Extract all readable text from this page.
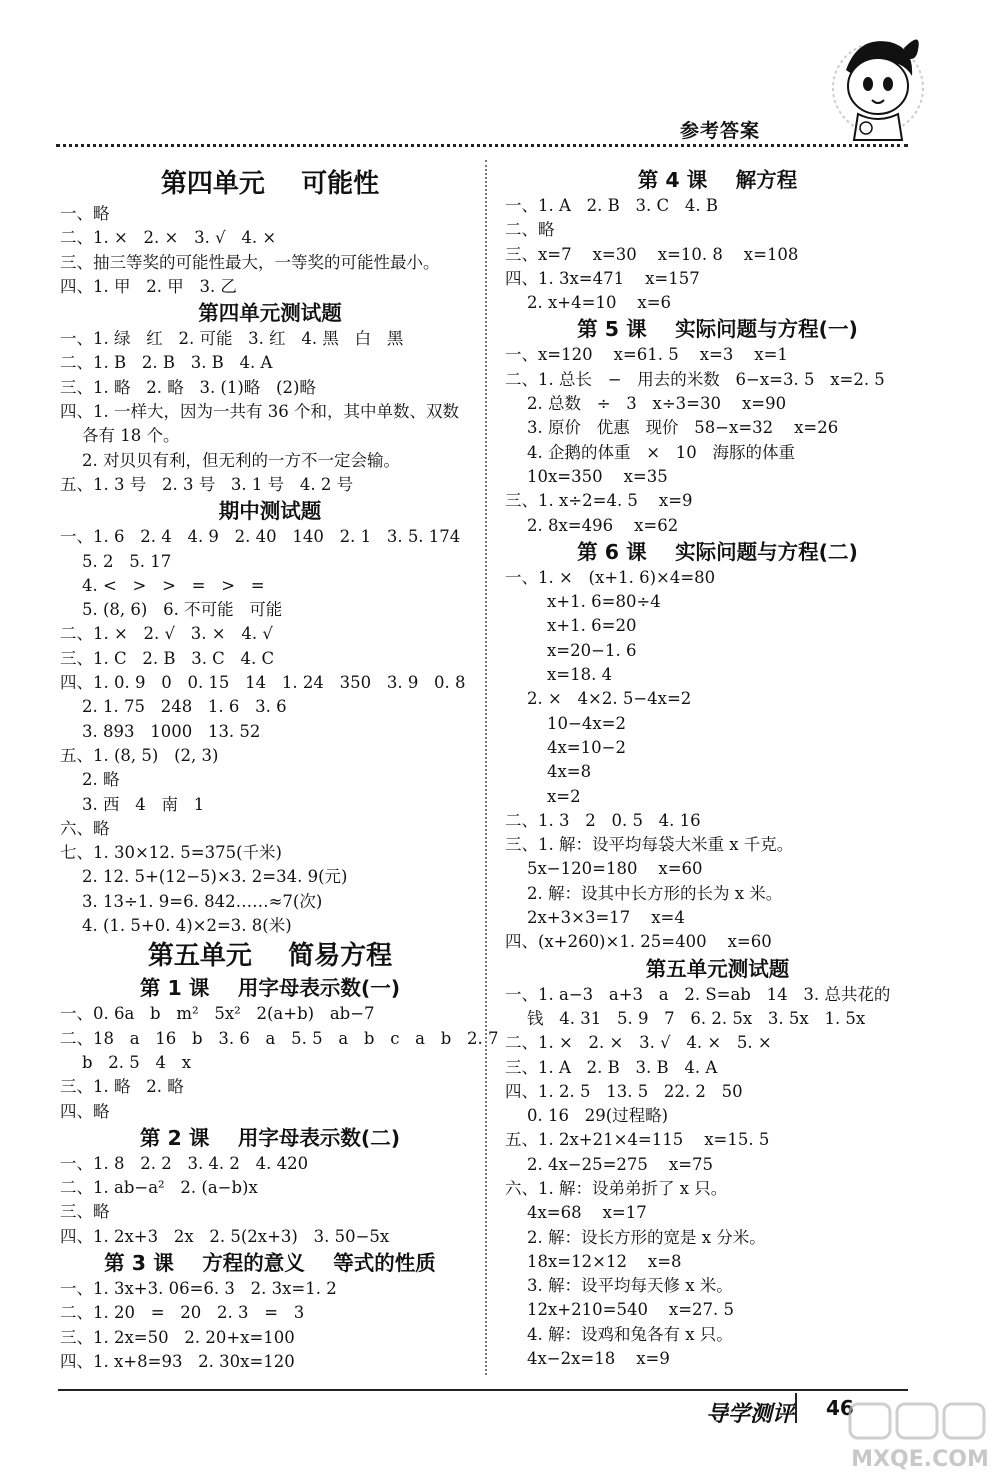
参考答案
第四单元    可能性
一、略
二、1. ×   2. ×   3. √   4. ×
三、抽三等奖的可能性最大，一等奖的可能性最小。
四、1. 甲   2. 甲   3. 乙
第四单元测试题
一、1. 绿   红   2. 可能   3. 红   4. 黑   白   黑
二、1. B   2. B   3. B   4. A
三、1. 略   2. 略   3. (1)略   (2)略
四、1. 一样大，因为一共有 36 个和，其中单数、双数
各有 18 个。
2. 对贝贝有利，但无利的一方不一定会输。
五、1. 3 号   2. 3 号   3. 1 号   4. 2 号
期中测试题
一、1. 6   2. 4   4. 9   2. 40   140   2. 1   3. 5. 174
5. 2   5. 17
4. <   >   >   =   >   =
5. (8, 6)   6. 不可能   可能
二、1. ×   2. √   3. ×   4. √
三、1. C   2. B   3. C   4. C
四、1. 0. 9   0   0. 15   14   1. 24   350   3. 9   0. 8
2. 1. 75   248   1. 6   3. 6
3. 893   1000   13. 52
五、1. (8, 5)   (2, 3)
2. 略
3. 西   4   南   1
六、略
七、1. 30×12. 5=375(千米)
2. 12. 5+(12−5)×3. 2=34. 9(元)
3. 13÷1. 9=6. 842……≈7(次)
4. (1. 5+0. 4)×2=3. 8(米)
第五单元    简易方程
第 1 课    用字母表示数(一)
一、0. 6a   b   m²   5x²   2(a+b)   ab−7
二、18   a   16   b   3. 6   a   5. 5   a   b   c   a   b   2. 7
b   2. 5   4   x
三、1. 略   2. 略
四、略
第 2 课    用字母表示数(二)
一、1. 8   2. 2   3. 4. 2   4. 420
二、1. ab−a²   2. (a−b)x
三、略
四、1. 2x+3   2x   2. 5(2x+3)   3. 50−5x
第 3 课    方程的意义    等式的性质
一、1. 3x+3. 06=6. 3   2. 3x=1. 2
二、1. 20   =   20   2. 3   =   3
三、1. 2x=50   2. 20+x=100
四、1. x+8=93   2. 30x=120
第 4 课    解方程
一、1. A   2. B   3. C   4. B
二、略
三、x=7    x=30    x=10. 8    x=108
四、1. 3x=471    x=157
2. x+4=10    x=6
第 5 课    实际问题与方程(一)
一、x=120    x=61. 5    x=3    x=1
二、1. 总长   −   用去的米数   6−x=3. 5   x=2. 5
2. 总数   ÷   3   x÷3=30    x=90
3. 原价   优惠   现价   58−x=32    x=26
4. 企鹅的体重   ×   10   海豚的体重
10x=350    x=35
三、1. x÷2=4. 5    x=9
2. 8x=496    x=62
第 6 课    实际问题与方程(二)
一、1. ×   (x+1. 6)×4=80
x+1. 6=80÷4
x+1. 6=20
x=20−1. 6
x=18. 4
2. ×   4×2. 5−4x=2
10−4x=2
4x=10−2
4x=8
x=2
二、1. 3   2   0. 5   4. 16
三、1. 解：设平均每袋大米重 x 千克。
5x−120=180    x=60
2. 解：设其中长方形的长为 x 米。
2x+3×3=17    x=4
四、(x+260)×1. 25=400    x=60
第五单元测试题
一、1. a−3   a+3   a   2. S=ab   14   3. 总共花的
钱   4. 31   5. 9   7   6. 2. 5x   3. 5x   1. 5x
二、1. ×   2. ×   3. √   4. ×   5. ×
三、1. A   2. B   3. B   4. A
四、1. 2. 5   13. 5   22. 2   50
0. 16   29(过程略)
五、1. 2x+21×4=115    x=15. 5
2. 4x−25=275    x=75
六、1. 解：设弟弟折了 x 只。
4x=68    x=17
2. 解：设长方形的宽是 x 分米。
18x=12×12    x=8
3. 解：设平均每天修 x 米。
12x+210=540    x=27. 5
4. 解：设鸡和兔各有 x 只。
4x−2x=18    x=9
导学测评 46
MXQE.COM
